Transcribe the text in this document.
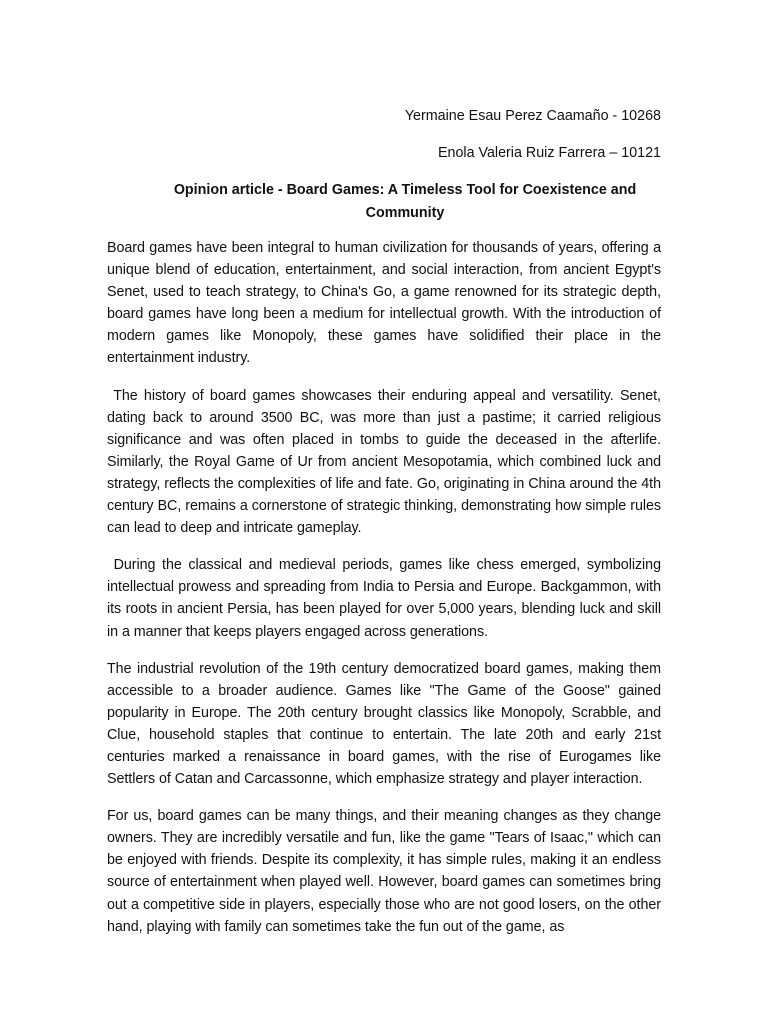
Yermaine Esau Perez Caamaño - 10268

Enola Valeria Ruiz Farrera – 10121

Opinion article - Board Games: A Timeless Tool for Coexistence and Community

Board games have been integral to human civilization for thousands of years, offering a unique blend of education, entertainment, and social interaction, from ancient Egypt's Senet, used to teach strategy, to China's Go, a game renowned for its strategic depth, board games have long been a medium for intellectual growth. With the introduction of modern games like Monopoly, these games have solidified their place in the entertainment industry.

The history of board games showcases their enduring appeal and versatility. Senet, dating back to around 3500 BC, was more than just a pastime; it carried religious significance and was often placed in tombs to guide the deceased in the afterlife. Similarly, the Royal Game of Ur from ancient Mesopotamia, which combined luck and strategy, reflects the complexities of life and fate. Go, originating in China around the 4th century BC, remains a cornerstone of strategic thinking, demonstrating how simple rules can lead to deep and intricate gameplay.

During the classical and medieval periods, games like chess emerged, symbolizing intellectual prowess and spreading from India to Persia and Europe. Backgammon, with its roots in ancient Persia, has been played for over 5,000 years, blending luck and skill in a manner that keeps players engaged across generations.

The industrial revolution of the 19th century democratized board games, making them accessible to a broader audience. Games like "The Game of the Goose" gained popularity in Europe. The 20th century brought classics like Monopoly, Scrabble, and Clue, household staples that continue to entertain. The late 20th and early 21st centuries marked a renaissance in board games, with the rise of Eurogames like Settlers of Catan and Carcassonne, which emphasize strategy and player interaction.

For us, board games can be many things, and their meaning changes as they change owners. They are incredibly versatile and fun, like the game "Tears of Isaac," which can be enjoyed with friends. Despite its complexity, it has simple rules, making it an endless source of entertainment when played well. However, board games can sometimes bring out a competitive side in players, especially those who are not good losers, on the other hand, playing with family can sometimes take the fun out of the game, as
